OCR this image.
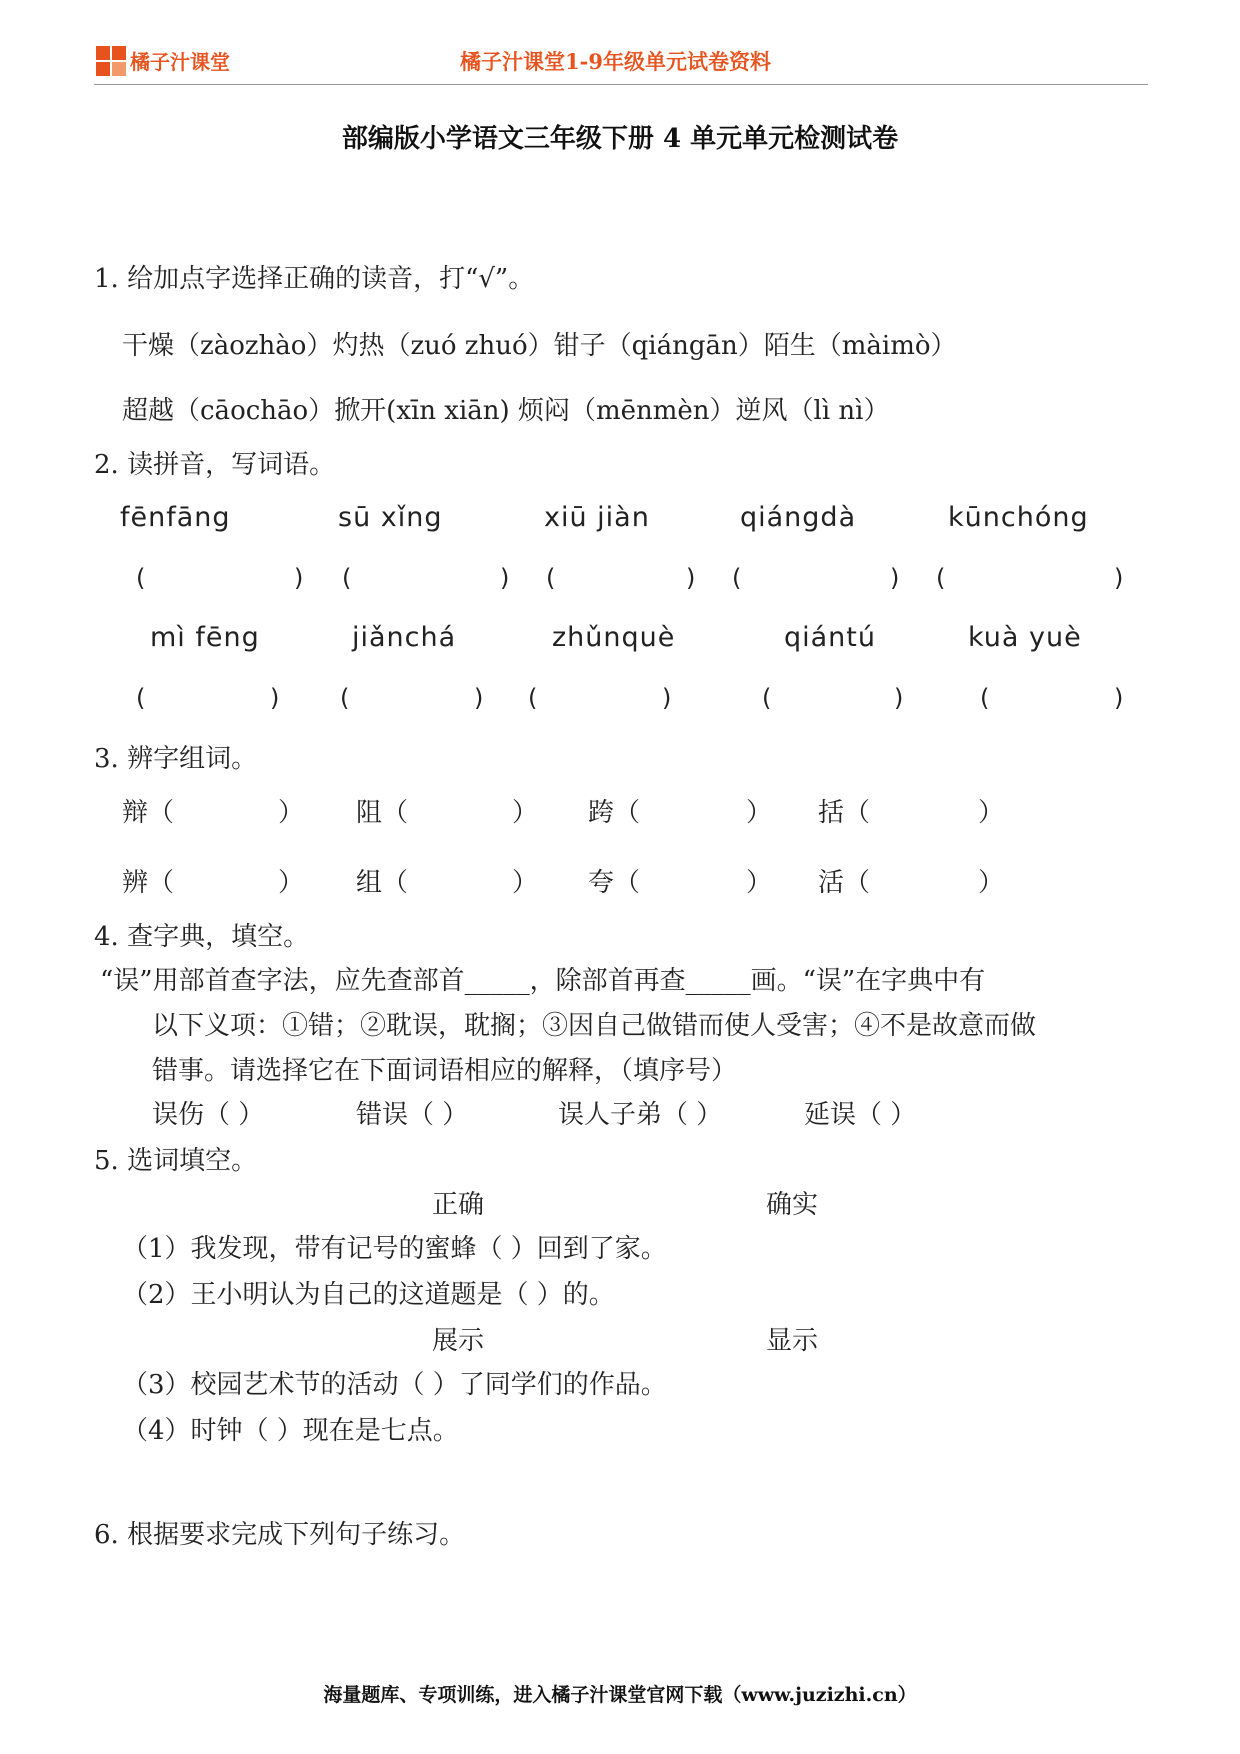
橘子汁课堂	橘子汁课堂1-9年级单元试卷资料
部编版小学语文三年级下册 4 单元单元检测试卷
1. 给加点字选择正确的读音，打“√”。
干燥（zàozhào）灼热（zuó zhuó）钳子（qiángān）陌生（màimò）
超越（cāochāo）掀开(xīn xiān) 烦闷（mēnmèn）逆风（lì nì）
2. 读拼音，写词语。
fēnfāng	sū xǐng	xiū jiàn	qiángdà	kūnchóng
(	) (	) (	) (	) (	)
mì fēng	jiǎnchá	zhǔnquè	qiántú	kuà yuè
(	)	(	) (	)	(	)	(	)
3. 辨字组词。
辩（	） 阻（	） 跨（	） 括（	）
辨（	） 组（	） 夸（	） 活（	）
4. 查字典，填空。
“误”用部首查字法，应先查部首_____，除部首再查_____画。“误”在字典中有
以下义项：①错；②耽误，耽搁；③因自己做错而使人受害；④不是故意而做
错事。请选择它在下面词语相应的解释，（填序号）
误伤（ ）	错误（ ）	误人子弟（ ）	延误（ ）
5. 选词填空。
正确	确实
（1）我发现，带有记号的蜜蜂（ ）回到了家。
（2）王小明认为自己的这道题是（ ）的。
展示	显示
（3）校园艺术节的活动（ ）了同学们的作品。
（4）时钟（ ）现在是七点。
6. 根据要求完成下列句子练习。
海量题库、专项训练，进入橘子汁课堂官网下载（www.juzizhi.cn）
